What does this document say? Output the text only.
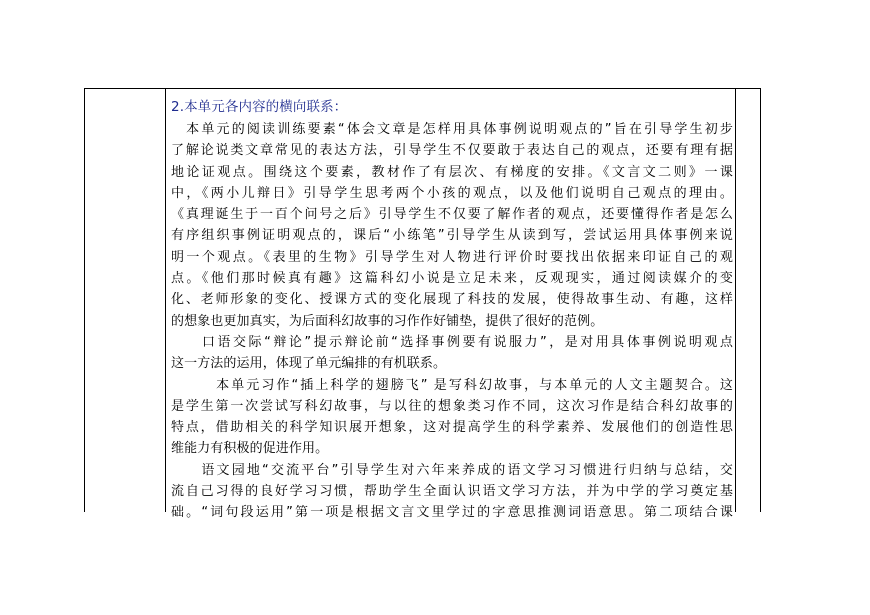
2.本单元各内容的横向联系：
　本单元的阅读训练要素“体会文章是怎样用具体事例说明观点的”旨在引导学生初步
了解论说类文章常见的表达方法，引导学生不仅要敢于表达自己的观点，还要有理有据
地论证观点。围绕这个要素，教材作了有层次、有梯度的安排。《文言文二则》一课
中，《两小儿辩日》引导学生思考两个小孩的观点，以及他们说明自己观点的理由。
《真理诞生于一百个问号之后》引导学生不仅要了解作者的观点，还要懂得作者是怎么
有序组织事例证明观点的，课后“小练笔”引导学生从读到写，尝试运用具体事例来说
明一个观点。《表里的生物》引导学生对人物进行评价时要找出依据来印证自己的观
点。《他们那时候真有趣》这篇科幻小说是立足未来，反观现实，通过阅读媒介的变
化、老师形象的变化、授课方式的变化展现了科技的发展，使得故事生动、有趣，这样
的想象也更加真实，为后面科幻故事的习作作好铺垫，提供了很好的范例。
　　口语交际“辩论”提示辩论前“选择事例要有说服力”，是对用具体事例说明观点
这一方法的运用，体现了单元编排的有机联系。
　　　本单元习作“插上科学的翅膀飞” 是写科幻故事，与本单元的人文主题契合。这
是学生第一次尝试写科幻故事，与以往的想象类习作不同，这次习作是结合科幻故事的
特点，借助相关的科学知识展开想象，这对提高学生的科学素养、发展他们的创造性思
维能力有积极的促进作用。
　　语文园地“交流平台”引导学生对六年来养成的语文学习习惯进行归纳与总结，交
流自己习得的良好学习习惯，帮助学生全面认识语文学习方法，并为中学的学习奠定基
础。“词句段运用”第一项是根据文言文里学过的字意思推测词语意思。第二项结合课
